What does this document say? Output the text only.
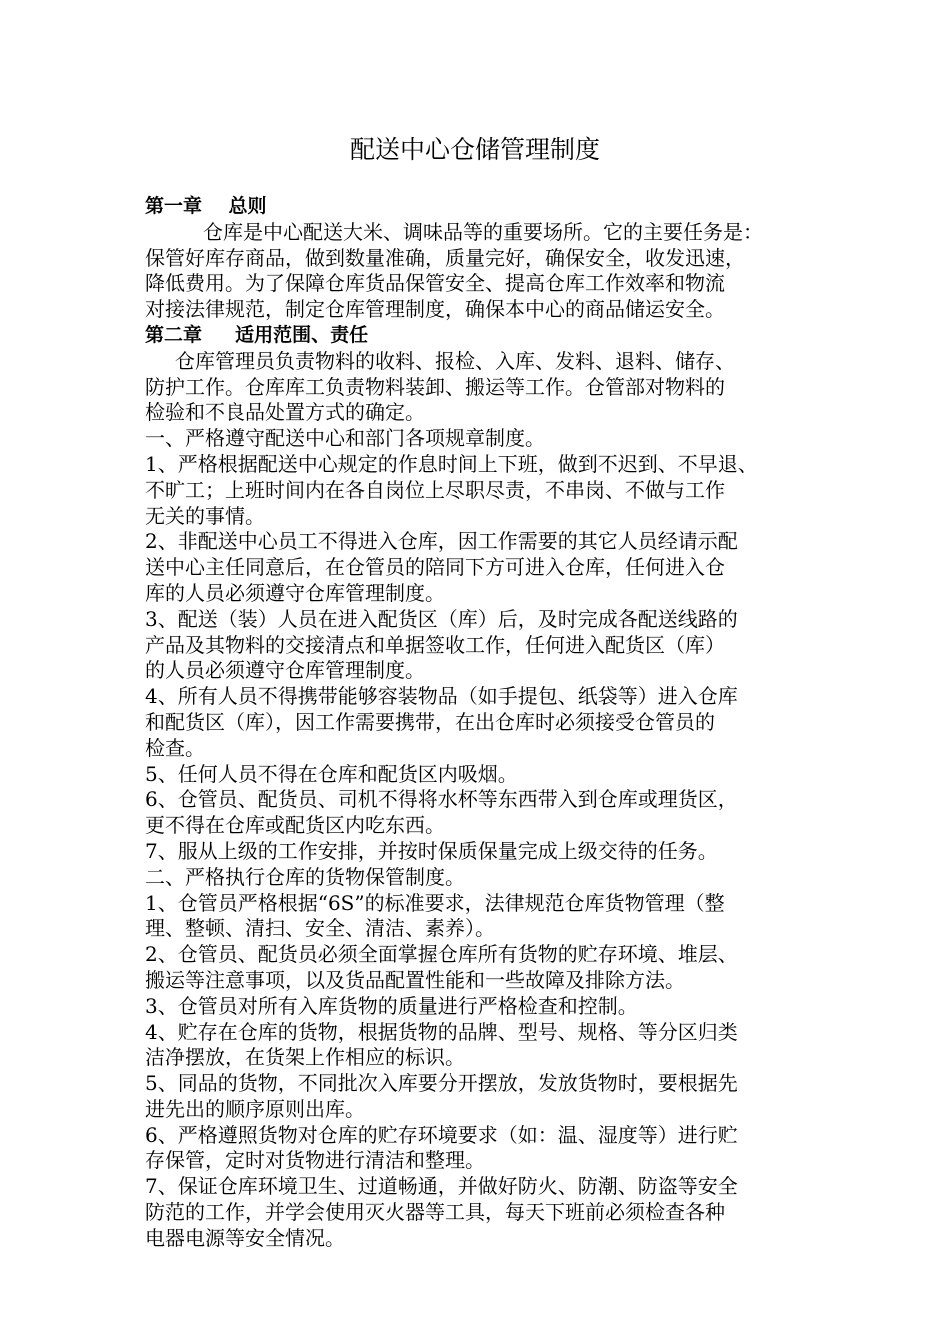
配送中心仓储管理制度
第一章    总则
仓库是中心配送大米、调味品等的重要场所。它的主要任务是：
保管好库存商品，做到数量准确，质量完好，确保安全，收发迅速，
降低费用。为了保障仓库货品保管安全、提高仓库工作效率和物流
对接法律规范，制定仓库管理制度，确保本中心的商品储运安全。
第二章     适用范围、责任
仓库管理员负责物料的收料、报检、入库、发料、退料、储存、
防护工作。仓库库工负责物料装卸、搬运等工作。仓管部对物料的
检验和不良品处置方式的确定。
一、严格遵守配送中心和部门各项规章制度。
1、严格根据配送中心规定的作息时间上下班，做到不迟到、不早退、
不旷工；上班时间内在各自岗位上尽职尽责，不串岗、不做与工作
无关的事情。
2、非配送中心员工不得进入仓库，因工作需要的其它人员经请示配
送中心主任同意后，在仓管员的陪同下方可进入仓库，任何进入仓
库的人员必须遵守仓库管理制度。
3、配送（装）人员在进入配货区（库）后，及时完成各配送线路的
产品及其物料的交接清点和单据签收工作，任何进入配货区（库）
的人员必须遵守仓库管理制度。
4、所有人员不得携带能够容装物品（如手提包、纸袋等）进入仓库
和配货区（库），因工作需要携带，在出仓库时必须接受仓管员的
检查。
5、任何人员不得在仓库和配货区内吸烟。
6、仓管员、配货员、司机不得将水杯等东西带入到仓库或理货区，
更不得在仓库或配货区内吃东西。
7、服从上级的工作安排，并按时保质保量完成上级交待的任务。
二、严格执行仓库的货物保管制度。
1、仓管员严格根据“6S”的标准要求，法律规范仓库货物管理（整
理、整顿、清扫、安全、清洁、素养）。
2、仓管员、配货员必须全面掌握仓库所有货物的贮存环境、堆层、
搬运等注意事项，以及货品配置性能和一些故障及排除方法。
3、仓管员对所有入库货物的质量进行严格检查和控制。
4、贮存在仓库的货物，根据货物的品牌、型号、规格、等分区归类
洁净摆放，在货架上作相应的标识。
5、同品的货物，不同批次入库要分开摆放，发放货物时，要根据先
进先出的顺序原则出库。
6、严格遵照货物对仓库的贮存环境要求（如：温、湿度等）进行贮
存保管，定时对货物进行清洁和整理。
7、保证仓库环境卫生、过道畅通，并做好防火、防潮、防盗等安全
防范的工作，并学会使用灭火器等工具，每天下班前必须检查各种
电器电源等安全情况。
